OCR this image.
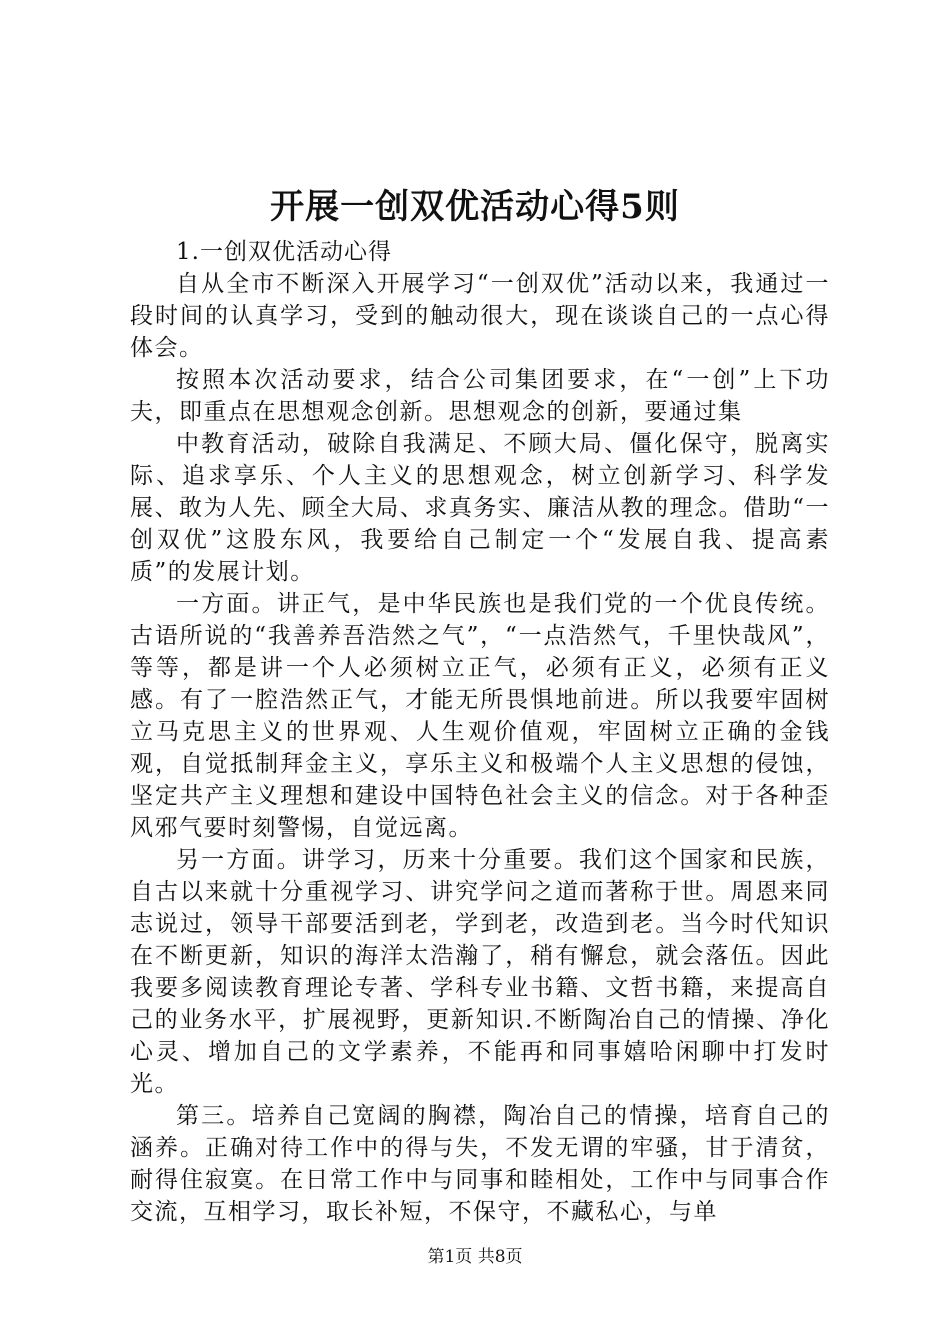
开展一创双优活动心得5则

1.一创双优活动心得

自从全市不断深入开展学习“一创双优”活动以来，我通过一段时间的认真学习，受到的触动很大，现在谈谈自己的一点心得体会。

按照本次活动要求，结合公司集团要求，在“一创”上下功夫，即重点在思想观念创新。思想观念的创新，要通过集

中教育活动，破除自我满足、不顾大局、僵化保守，脱离实际、追求享乐、个人主义的思想观念，树立创新学习、科学发展、敢为人先、顾全大局、求真务实、廉洁从教的理念。借助“一创双优”这股东风，我要给自己制定一个“发展自我、提高素质”的发展计划。

一方面。讲正气，是中华民族也是我们党的一个优良传统。古语所说的“我善养吾浩然之气”，“一点浩然气，千里快哉风”，等等，都是讲一个人必须树立正气，必须有正义，必须有正义感。有了一腔浩然正气，才能无所畏惧地前进。所以我要牢固树立马克思主义的世界观、人生观价值观，牢固树立正确的金钱观，自觉抵制拜金主义，享乐主义和极端个人主义思想的侵蚀，坚定共产主义理想和建设中国特色社会主义的信念。对于各种歪风邪气要时刻警惕，自觉远离。

另一方面。讲学习，历来十分重要。我们这个国家和民族，自古以来就十分重视学习、讲究学问之道而著称于世。周恩来同志说过，领导干部要活到老，学到老，改造到老。当今时代知识在不断更新，知识的海洋太浩瀚了，稍有懈怠，就会落伍。因此我要多阅读教育理论专著、学科专业书籍、文哲书籍，来提高自己的业务水平，扩展视野，更新知识.不断陶冶自己的情操、净化心灵、增加自己的文学素养，不能再和同事嬉哈闲聊中打发时光。

第三。培养自己宽阔的胸襟，陶冶自己的情操，培育自己的涵养。正确对待工作中的得与失，不发无谓的牢骚，甘于清贫，耐得住寂寞。在日常工作中与同事和睦相处，工作中与同事合作交流，互相学习，取长补短，不保守，不藏私心，与单

第1页 共8页
